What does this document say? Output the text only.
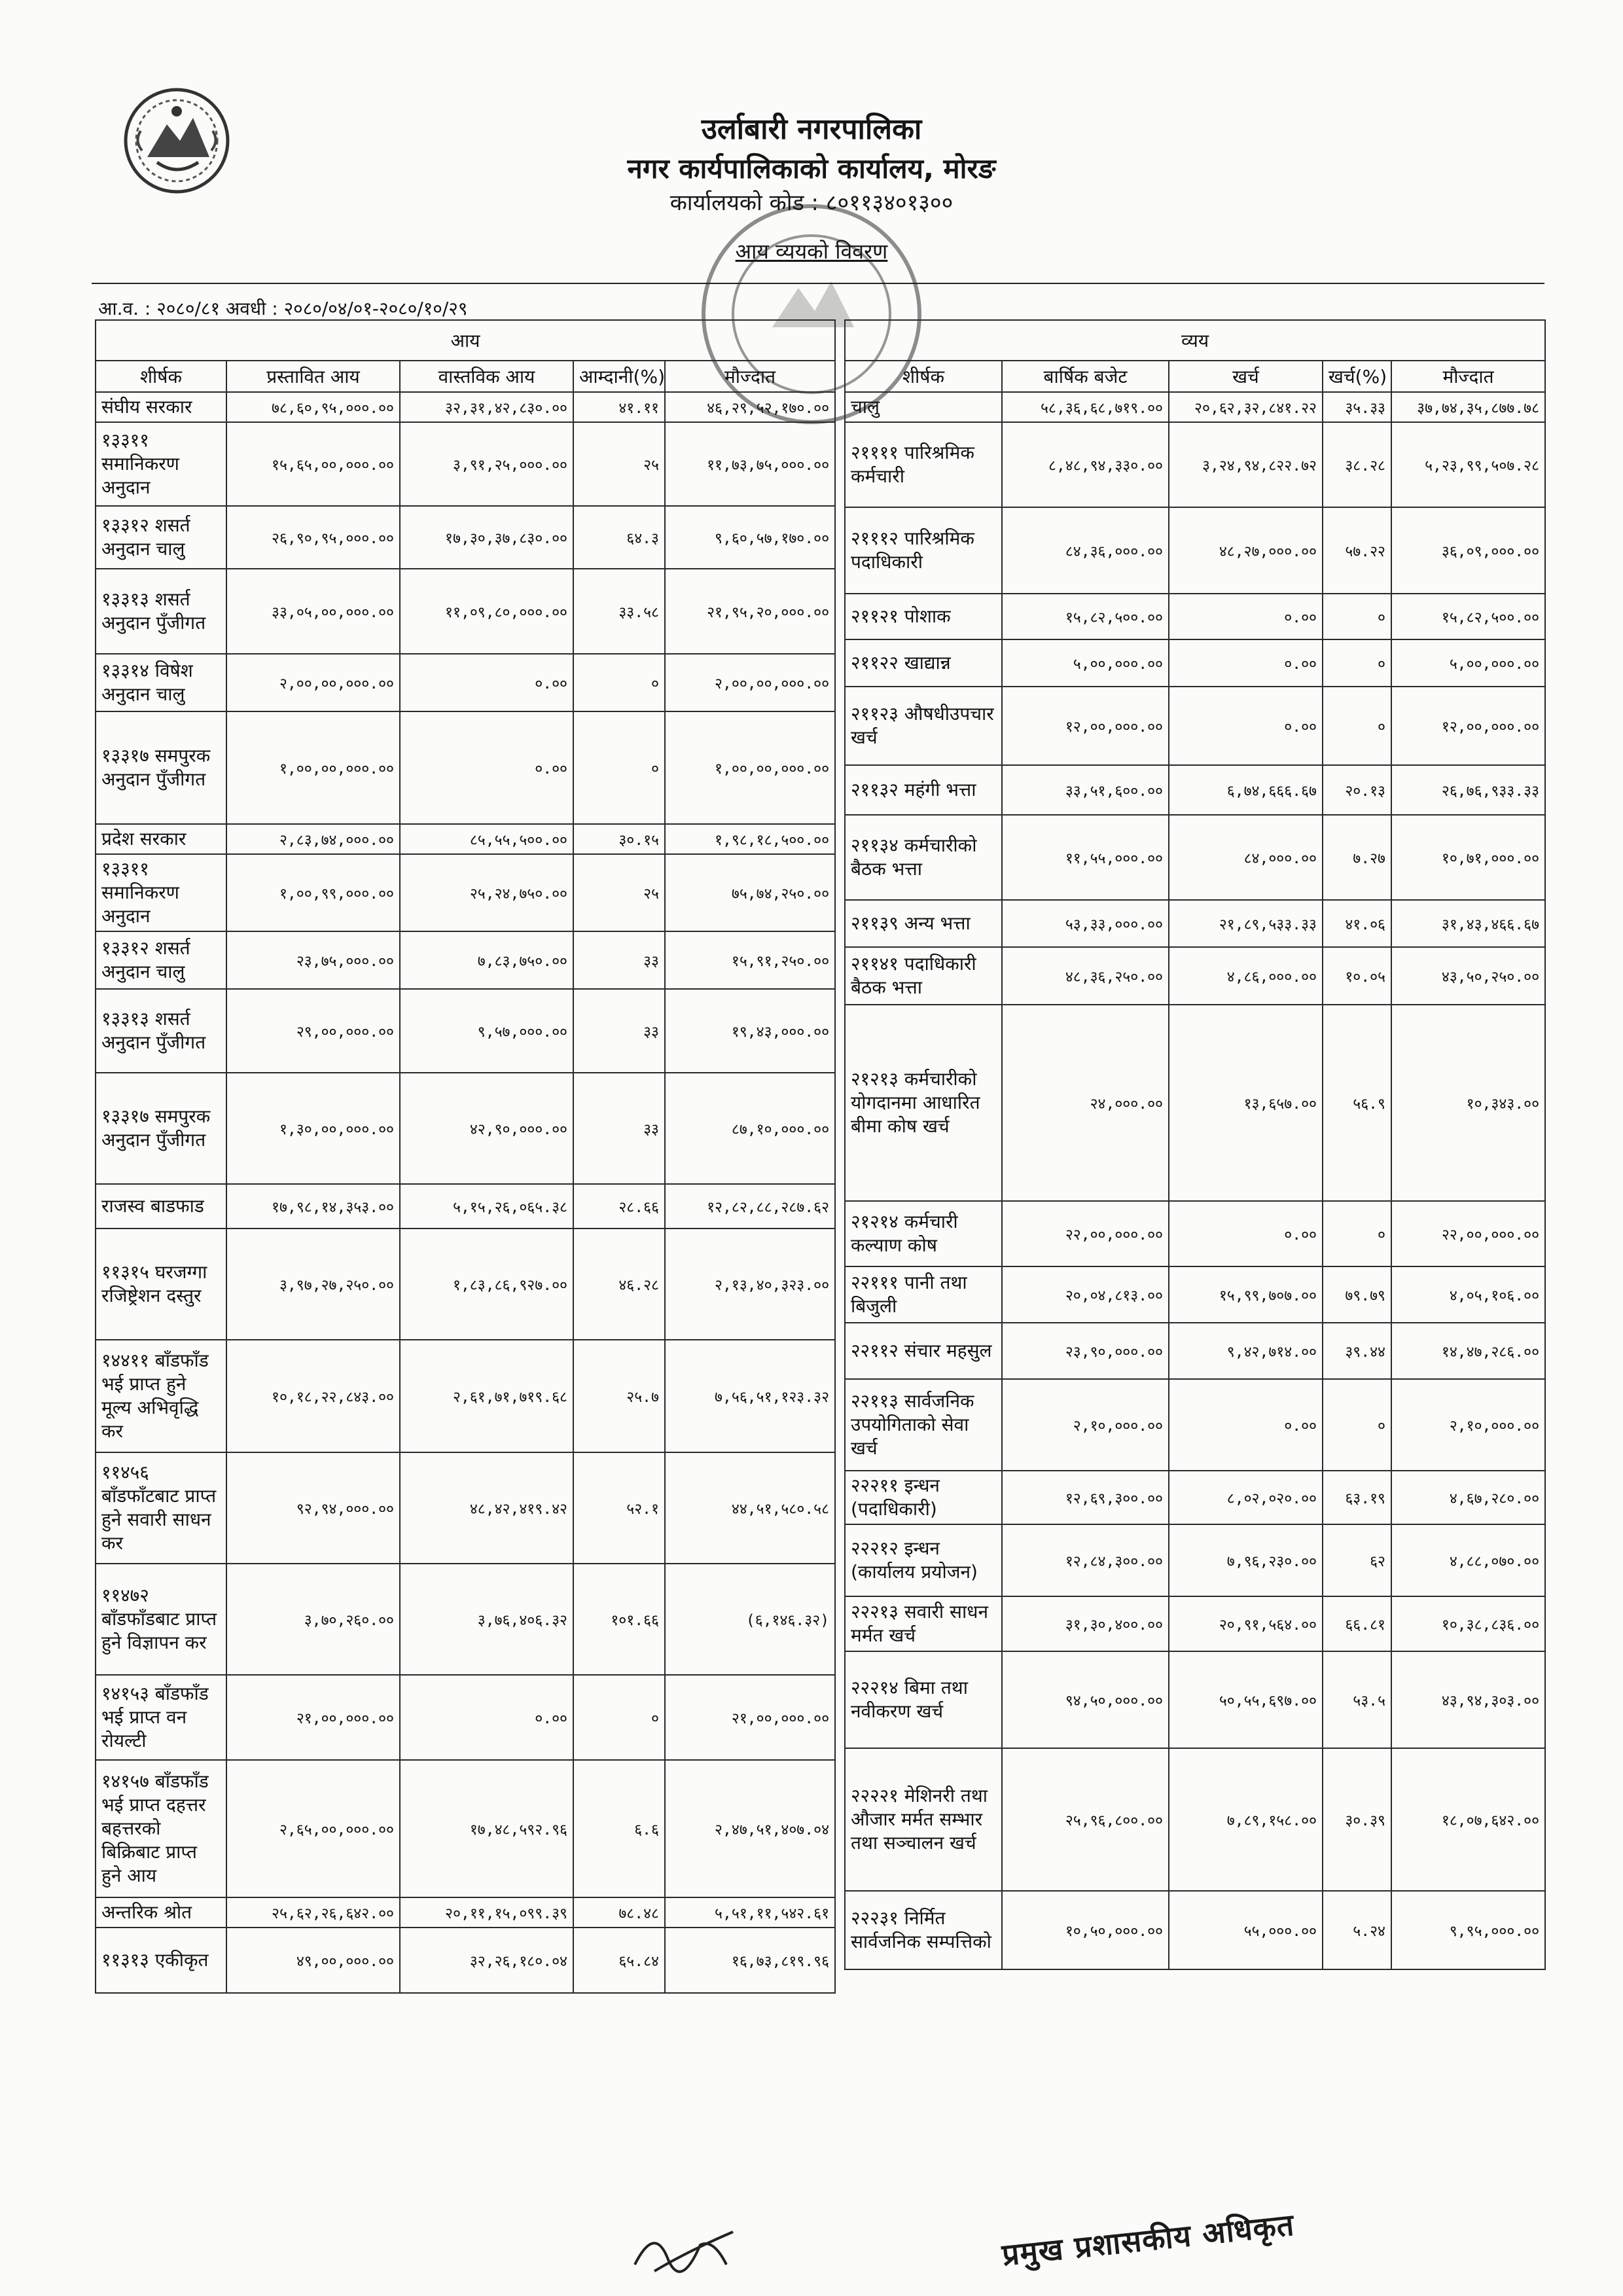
उर्लाबारी नगरपालिका
नगर कार्यपालिकाको कार्यालय, मोरङ
कार्यालयको कोड : ८०११३४०१३००
आय व्ययको विवरण
आ.व. : २०८०/८१ अवधी : २०८०/०४/०१-२०८०/१०/२९
आय				
शीर्षक	प्रस्तावित आय	वास्तविक आय	आम्दानी(%)	मौज्दात
संघीय सरकार	७८,६०,९५,०००.००	३२,३१,४२,८३०.००	४१.११	४६,२९,५२,१७०.००
१३३११ समानिकरण अनुदान	१५,६५,००,०००.००	३,९१,२५,०००.००	२५	११,७३,७५,०००.००
१३३१२ शसर्त अनुदान चालु	२६,९०,९५,०००.००	१७,३०,३७,८३०.००	६४.३	९,६०,५७,१७०.००
१३३१३ शसर्त अनुदान पुँजीगत	३३,०५,००,०००.००	११,०९,८०,०००.००	३३.५८	२१,९५,२०,०००.००
१३३१४ विषेश अनुदान चालु	२,००,००,०००.००	०.००	०	२,००,००,०००.००
१३३१७ समपुरक अनुदान पुँजीगत	१,००,००,०००.००	०.००	०	१,००,००,०००.००
प्रदेश सरकार	२,८३,७४,०००.००	८५,५५,५००.००	३०.१५	१,९८,१८,५००.००
१३३११ समानिकरण अनुदान	१,००,९९,०००.००	२५,२४,७५०.००	२५	७५,७४,२५०.००
१३३१२ शसर्त अनुदान चालु	२३,७५,०००.००	७,८३,७५०.००	३३	१५,९१,२५०.००
१३३१३ शसर्त अनुदान पुँजीगत	२९,००,०००.००	९,५७,०००.००	३३	१९,४३,०००.००
१३३१७ समपुरक अनुदान पुँजीगत	१,३०,००,०००.००	४२,९०,०००.००	३३	८७,१०,०००.००
राजस्व बाडफाड	१७,९८,१४,३५३.००	५,१५,२६,०६५.३८	२८.६६	१२,८२,८८,२८७.६२
११३१५ घरजग्गा रजिष्ट्रेशन दस्तुर	३,९७,२७,२५०.००	१,८३,८६,९२७.००	४६.२८	२,१३,४०,३२३.००
१४४११ बाँडफाँड भई प्राप्त हुने मूल्य अभिवृद्धि कर	१०,१८,२२,८४३.००	२,६१,७१,७१९.६८	२५.७	७,५६,५१,१२३.३२
११४५६ बाँडफाँटबाट प्राप्त हुने सवारी साधन कर	९२,९४,०००.००	४८,४२,४१९.४२	५२.१	४४,५१,५८०.५८
११४७२ बाँडफाँडबाट प्राप्त हुने विज्ञापन कर	३,७०,२६०.००	३,७६,४०६.३२	१०१.६६	(६,१४६.३२)
१४१५३ बाँडफाँड भई प्राप्त वन रोयल्टी	२१,००,०००.००	०.००	०	२१,००,०००.००
१४१५७ बाँडफाँड भई प्राप्त दहत्तर बहत्तरको बिक्रिबाट प्राप्त हुने आय	२,६५,००,०००.००	१७,४८,५९२.९६	६.६	२,४७,५१,४०७.०४
अन्तरिक श्रोत	२५,६२,२६,६४२.००	२०,११,१५,०९९.३९	७८.४८	५,५१,११,५४२.६१
११३१३ एकीकृत	४९,००,०००.००	३२,२६,१८०.०४	६५.८४	१६,७३,८१९.९६
व्यय				
शीर्षक	बार्षिक बजेट	खर्च	खर्च(%)	मौज्दात
चालु	५८,३६,६८,७१९.००	२०,६२,३२,८४१.२२	३५.३३	३७,७४,३५,८७७.७८
२११११ पारिश्रमिक कर्मचारी	८,४८,९४,३३०.००	३,२४,९४,८२२.७२	३८.२८	५,२३,९९,५०७.२८
२१११२ पारिश्रमिक पदाधिकारी	८४,३६,०००.००	४८,२७,०००.००	५७.२२	३६,०९,०००.००
२११२१ पोशाक	१५,८२,५००.००	०.००	०	१५,८२,५००.००
२११२२ खाद्यान्न	५,००,०००.००	०.००	०	५,००,०००.००
२११२३ औषधीउपचार खर्च	१२,००,०००.००	०.००	०	१२,००,०००.००
२११३२ महंगी भत्ता	३३,५१,६००.००	६,७४,६६६.६७	२०.१३	२६,७६,९३३.३३
२११३४ कर्मचारीको बैठक भत्ता	११,५५,०००.००	८४,०००.००	७.२७	१०,७१,०००.००
२११३९ अन्य भत्ता	५३,३३,०००.००	२१,८९,५३३.३३	४१.०६	३१,४३,४६६.६७
२११४१ पदाधिकारी बैठक भत्ता	४८,३६,२५०.००	४,८६,०००.००	१०.०५	४३,५०,२५०.००
२१२१३ कर्मचारीको योगदानमा आधारित बीमा कोष खर्च	२४,०००.००	१३,६५७.००	५६.९	१०,३४३.००
२१२१४ कर्मचारी कल्याण कोष	२२,००,०००.००	०.००	०	२२,००,०००.००
२२१११ पानी तथा बिजुली	२०,०४,८१३.००	१५,९९,७०७.००	७९.७९	४,०५,१०६.००
२२११२ संचार महसुल	२३,९०,०००.००	९,४२,७१४.००	३९.४४	१४,४७,२८६.००
२२११३ सार्वजनिक उपयोगिताको सेवा खर्च	२,१०,०००.००	०.००	०	२,१०,०००.००
२२२११ इन्धन (पदाधिकारी)	१२,६९,३००.००	८,०२,०२०.००	६३.१९	४,६७,२८०.००
२२२१२ इन्धन (कार्यालय प्रयोजन)	१२,८४,३००.००	७,९६,२३०.००	६२	४,८८,०७०.००
२२२१३ सवारी साधन मर्मत खर्च	३१,३०,४००.००	२०,९१,५६४.००	६६.८१	१०,३८,८३६.००
२२२१४ बिमा तथा नवीकरण खर्च	९४,५०,०००.००	५०,५५,६९७.००	५३.५	४३,९४,३०३.००
२२२२१ मेशिनरी तथा औजार मर्मत सम्भार तथा सञ्चालन खर्च	२५,९६,८००.००	७,८९,१५८.००	३०.३९	१८,०७,६४२.००
२२२३१ निर्मित सार्वजनिक सम्पत्तिको	१०,५०,०००.००	५५,०००.००	५.२४	९,९५,०००.००
प्रमुख प्रशासकीय अधिकृत
